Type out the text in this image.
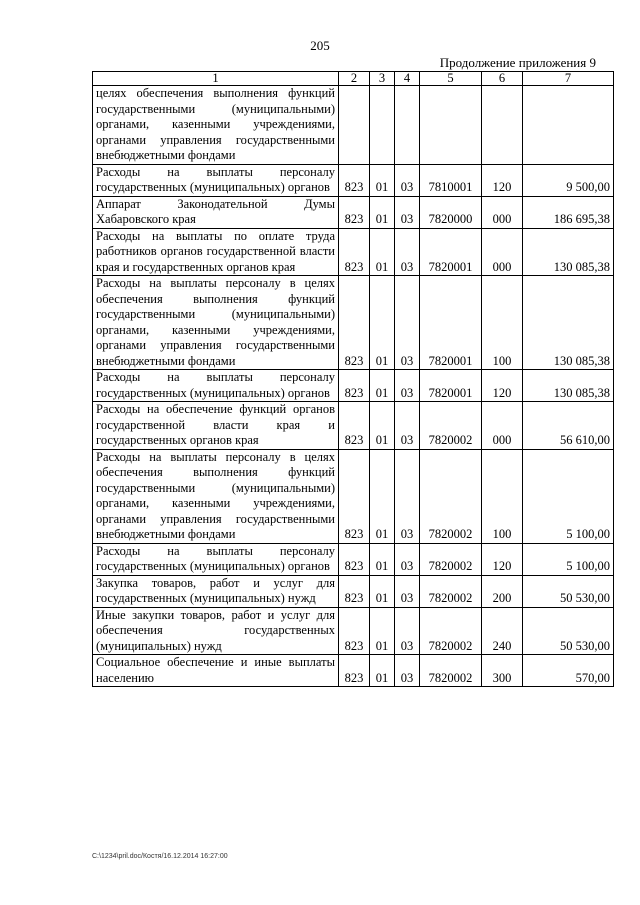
205
Продолжение приложения 9
1	2	3	4	5	6	7
целях обеспечения выполнения функций государственными (муниципальными) органами, казенными учреждениями, органами управления государственными внебюджетными фондами						
Расходы на выплаты персоналу государственных (муниципальных) органов	823	01	03	7810001	120	9 500,00
Аппарат Законодательной Думы Хабаровского края	823	01	03	7820000	000	186 695,38
Расходы на выплаты по оплате труда работников органов государственной власти края и государственных органов края	823	01	03	7820001	000	130 085,38
Расходы на выплаты персоналу в целях обеспечения выполнения функций государственными (муниципальными) органами, казенными учреждениями, органами управления государственными внебюджетными фондами	823	01	03	7820001	100	130 085,38
Расходы на выплаты персоналу государственных (муниципальных) органов	823	01	03	7820001	120	130 085,38
Расходы на обеспечение функций органов государственной власти края и государственных органов края	823	01	03	7820002	000	56 610,00
Расходы на выплаты персоналу в целях обеспечения выполнения функций государственными (муниципальными) органами, казенными учреждениями, органами управления государственными внебюджетными фондами	823	01	03	7820002	100	5 100,00
Расходы на выплаты персоналу государственных (муниципальных) органов	823	01	03	7820002	120	5 100,00
Закупка товаров, работ и услуг для государственных (муниципальных) нужд	823	01	03	7820002	200	50 530,00
Иные закупки товаров, работ и услуг для обеспечения государственных (муниципальных) нужд	823	01	03	7820002	240	50 530,00
Социальное обеспечение и иные выплаты населению	823	01	03	7820002	300	570,00
C:\1234\pril.doc/Костя/16.12.2014 16:27:00
